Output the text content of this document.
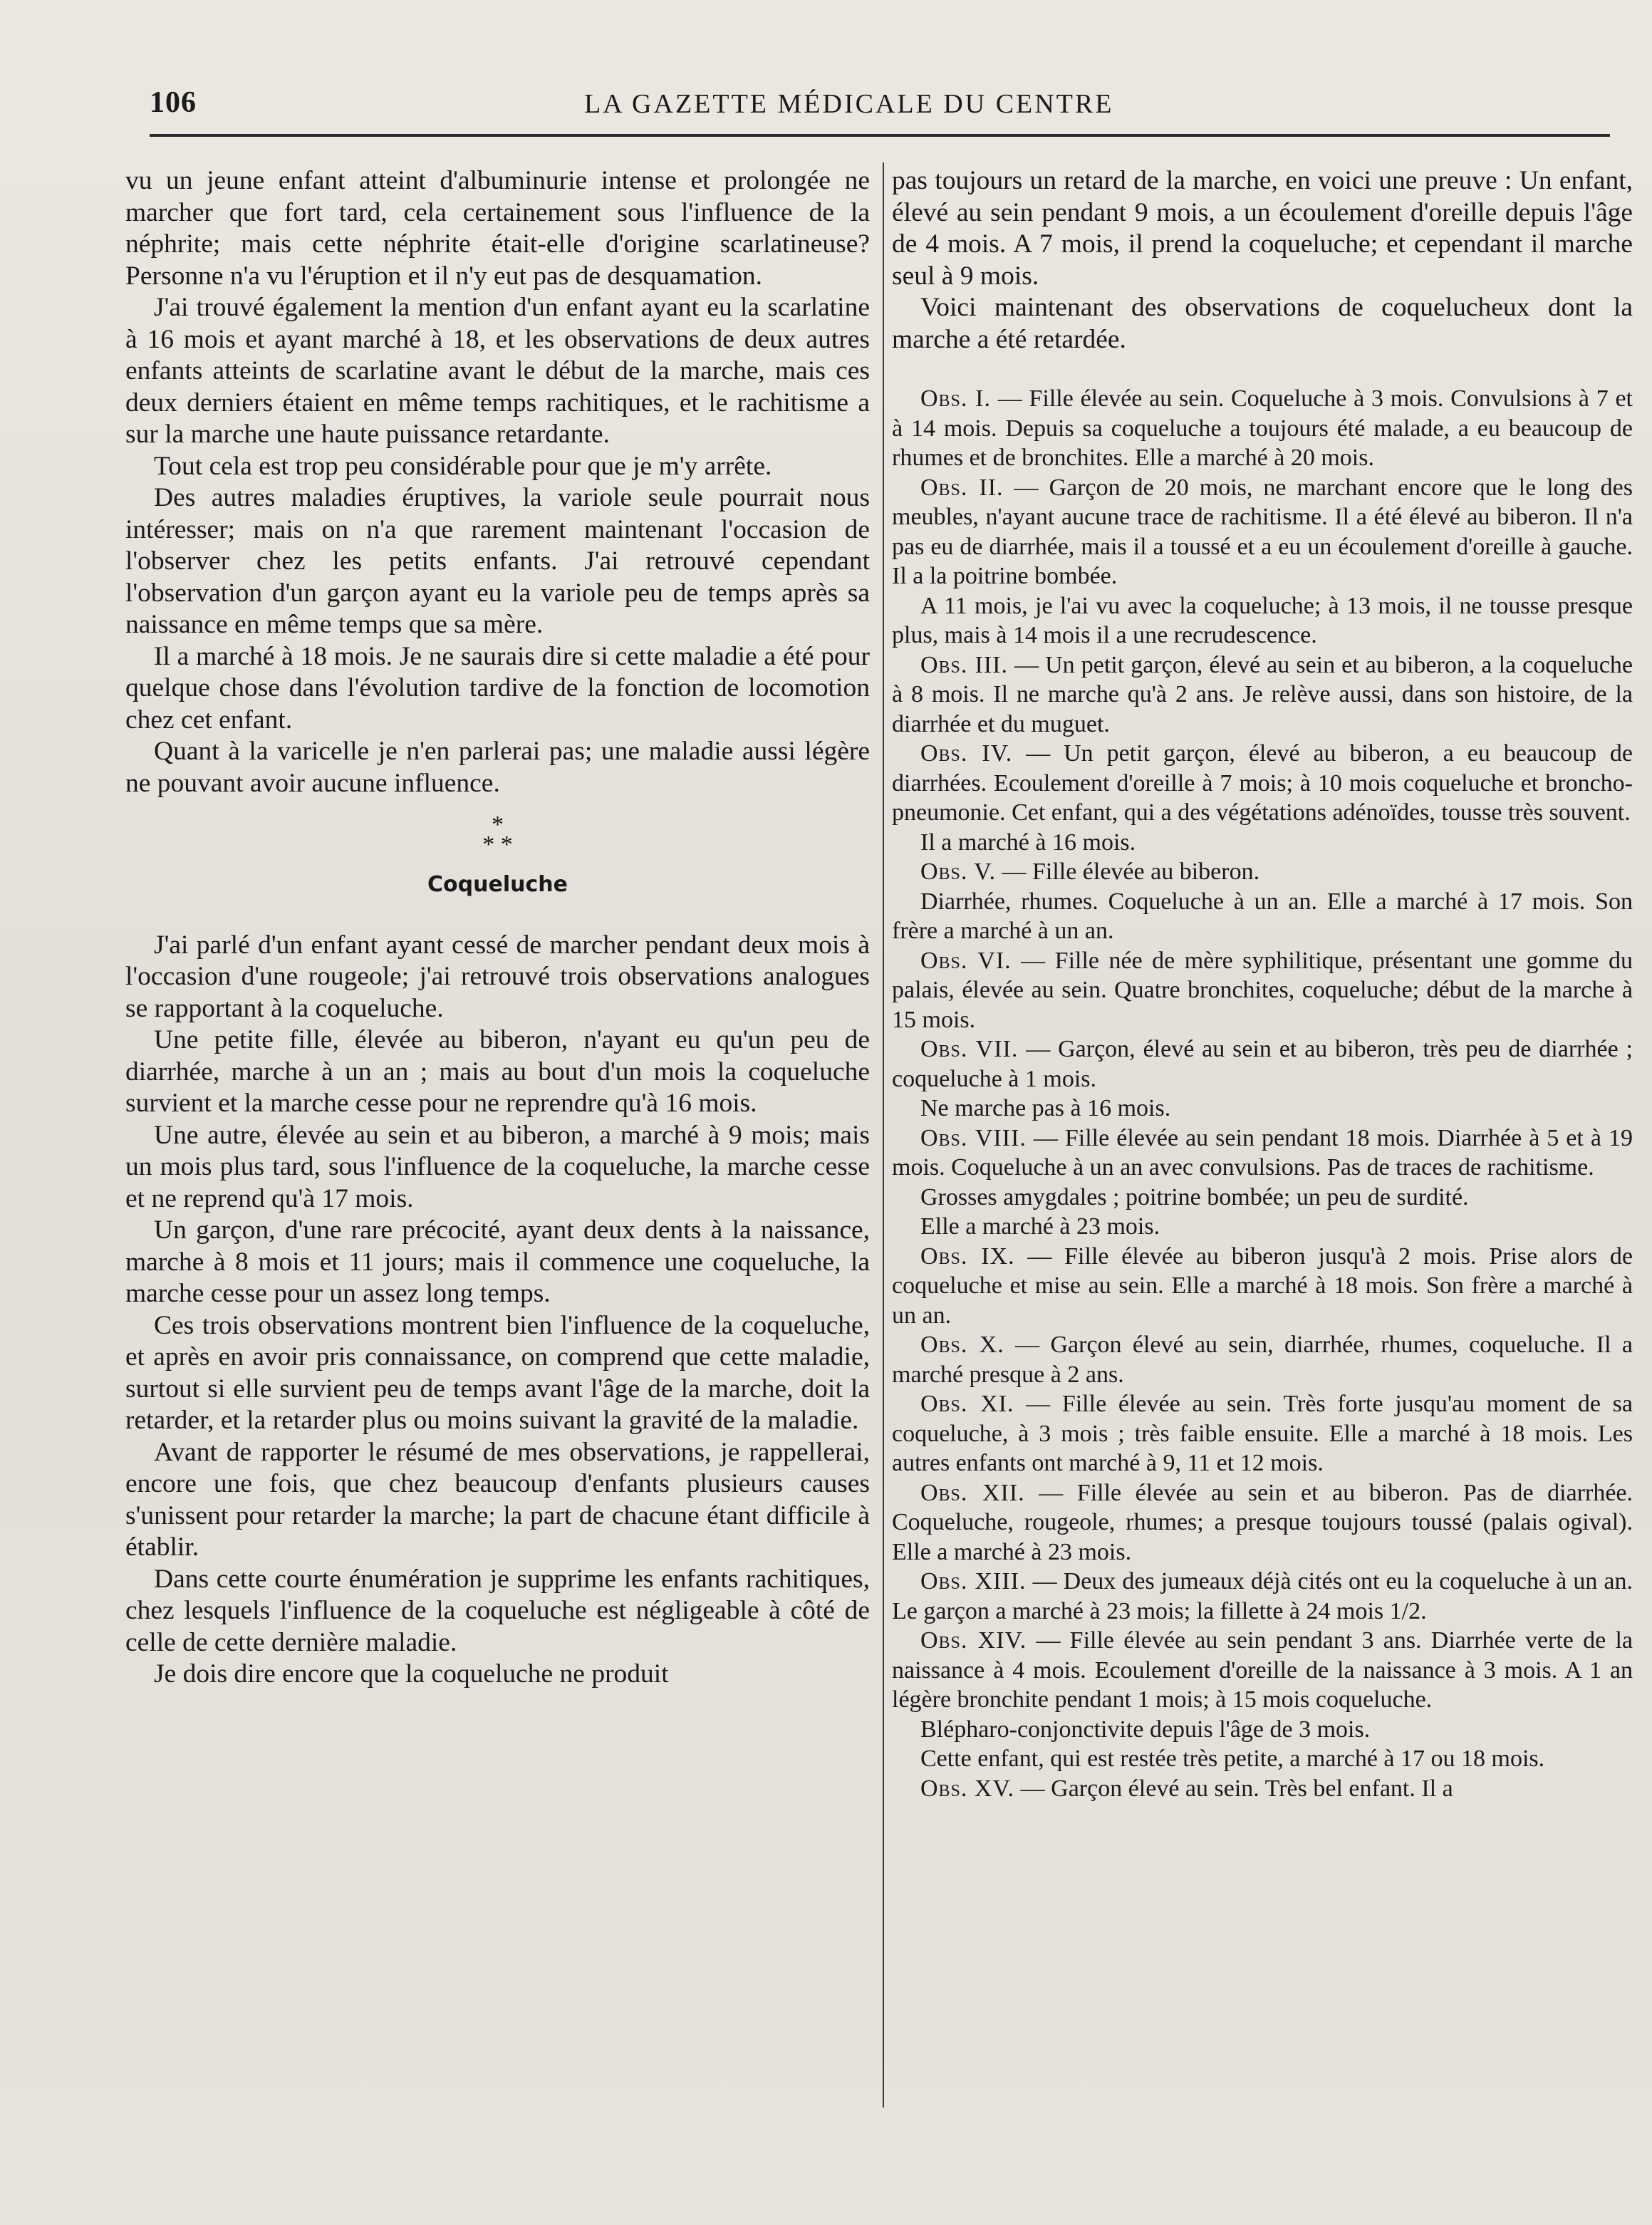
106	LA GAZETTE MÉDICALE DU CENTRE

vu un jeune enfant atteint d'albuminurie intense et prolongée ne marcher que fort tard, cela certainement sous l'influence de la néphrite; mais cette néphrite était-elle d'origine scarlatineuse? Personne n'a vu l'éruption et il n'y eut pas de desquamation.

J'ai trouvé également la mention d'un enfant ayant eu la scarlatine à 16 mois et ayant marché à 18, et les observations de deux autres enfants atteints de scarlatine avant le début de la marche, mais ces deux derniers étaient en même temps rachitiques, et le rachitisme a sur la marche une haute puissance retardante.

Tout cela est trop peu considérable pour que je m'y arrête.

Des autres maladies éruptives, la variole seule pourrait nous intéresser; mais on n'a que rarement maintenant l'occasion de l'observer chez les petits enfants. J'ai retrouvé cependant l'observation d'un garçon ayant eu la variole peu de temps après sa naissance en même temps que sa mère.

Il a marché à 18 mois. Je ne saurais dire si cette maladie a été pour quelque chose dans l'évolution tardive de la fonction de locomotion chez cet enfant.

Quant à la varicelle je n'en parlerai pas; une maladie aussi légère ne pouvant avoir aucune influence.

*
* *
Coqueluche

J'ai parlé d'un enfant ayant cessé de marcher pendant deux mois à l'occasion d'une rougeole; j'ai retrouvé trois observations analogues se rapportant à la coqueluche.

Une petite fille, élevée au biberon, n'ayant eu qu'un peu de diarrhée, marche à un an ; mais au bout d'un mois la coqueluche survient et la marche cesse pour ne reprendre qu'à 16 mois.

Une autre, élevée au sein et au biberon, a marché à 9 mois; mais un mois plus tard, sous l'influence de la coqueluche, la marche cesse et ne reprend qu'à 17 mois.

Un garçon, d'une rare précocité, ayant deux dents à la naissance, marche à 8 mois et 11 jours; mais il commence une coqueluche, la marche cesse pour un assez long temps.

Ces trois observations montrent bien l'influence de la coqueluche, et après en avoir pris connaissance, on comprend que cette maladie, surtout si elle survient peu de temps avant l'âge de la marche, doit la retarder, et la retarder plus ou moins suivant la gravité de la maladie.

Avant de rapporter le résumé de mes observations, je rappellerai, encore une fois, que chez beaucoup d'enfants plusieurs causes s'unissent pour retarder la marche; la part de chacune étant difficile à établir.

Dans cette courte énumération je supprime les enfants rachitiques, chez lesquels l'influence de la coqueluche est négligeable à côté de celle de cette dernière maladie.

Je dois dire encore que la coqueluche ne produit

pas toujours un retard de la marche, en voici une preuve : Un enfant, élevé au sein pendant 9 mois, a un écoulement d'oreille depuis l'âge de 4 mois. A 7 mois, il prend la coqueluche; et cependant il marche seul à 9 mois.

Voici maintenant des observations de coqueluchеux dont la marche a été retardée.

Obs. I. — Fille élevée au sein. Coqueluche à 3 mois. Convulsions à 7 et à 14 mois. Depuis sa coqueluche a toujours été malade, a eu beaucoup de rhumes et de bronchites. Elle a marché à 20 mois.

Obs. II. — Garçon de 20 mois, ne marchant encore que le long des meubles, n'ayant aucune trace de rachitisme. Il a été élevé au biberon. Il n'a pas eu de diarrhée, mais il a toussé et a eu un écoulement d'oreille à gauche. Il a la poitrine bombée.

A 11 mois, je l'ai vu avec la coqueluche; à 13 mois, il ne tousse presque plus, mais à 14 mois il a une recrudescence.

Obs. III. — Un petit garçon, élevé au sein et au biberon, a la coqueluche à 8 mois. Il ne marche qu'à 2 ans. Je relève aussi, dans son histoire, de la diarrhée et du muguet.

Obs. IV. — Un petit garçon, élevé au biberon, a eu beaucoup de diarrhées. Ecoulement d'oreille à 7 mois; à 10 mois coqueluche et broncho-pneumonie. Cet enfant, qui a des végétations adénoïdes, tousse très souvent.

Il a marché à 16 mois.

Obs. V. — Fille élevée au biberon.

Diarrhée, rhumes. Coqueluche à un an. Elle a marché à 17 mois. Son frère a marché à un an.

Obs. VI. — Fille née de mère syphilitique, présentant une gomme du palais, élevée au sein. Quatre bronchites, coqueluche; début de la marche à 15 mois.

Obs. VII. — Garçon, élevé au sein et au biberon, très peu de diarrhée ; coqueluche à 1 mois.

Ne marche pas à 16 mois.

Obs. VIII. — Fille élevée au sein pendant 18 mois. Diarrhée à 5 et à 19 mois. Coqueluche à un an avec convulsions. Pas de traces de rachitisme.

Grosses amygdales ; poitrine bombée; un peu de surdité.

Elle a marché à 23 mois.

Obs. IX. — Fille élevée au biberon jusqu'à 2 mois. Prise alors de coqueluche et mise au sein. Elle a marché à 18 mois. Son frère a marché à un an.

Obs. X. — Garçon élevé au sein, diarrhée, rhumes, coqueluche. Il a marché presque à 2 ans.

Obs. XI. — Fille élevée au sein. Très forte jusqu'au moment de sa coqueluche, à 3 mois ; très faible ensuite. Elle a marché à 18 mois. Les autres enfants ont marché à 9, 11 et 12 mois.

Obs. XII. — Fille élevée au sein et au biberon. Pas de diarrhée. Coqueluche, rougeole, rhumes; a presque toujours toussé (palais ogival). Elle a marché à 23 mois.

Obs. XIII. — Deux des jumeaux déjà cités ont eu la coqueluche à un an. Le garçon a marché à 23 mois; la fillette à 24 mois 1/2.

Obs. XIV. — Fille élevée au sein pendant 3 ans. Diarrhée verte de la naissance à 4 mois. Ecoulement d'oreille de la naissance à 3 mois. A 1 an légère bronchite pendant 1 mois; à 15 mois coqueluche.

Blépharo-conjonctivite depuis l'âge de 3 mois.

Cette enfant, qui est restée très petite, a marché à 17 ou 18 mois.

Obs. XV. — Garçon élevé au sein. Très bel enfant. Il a
